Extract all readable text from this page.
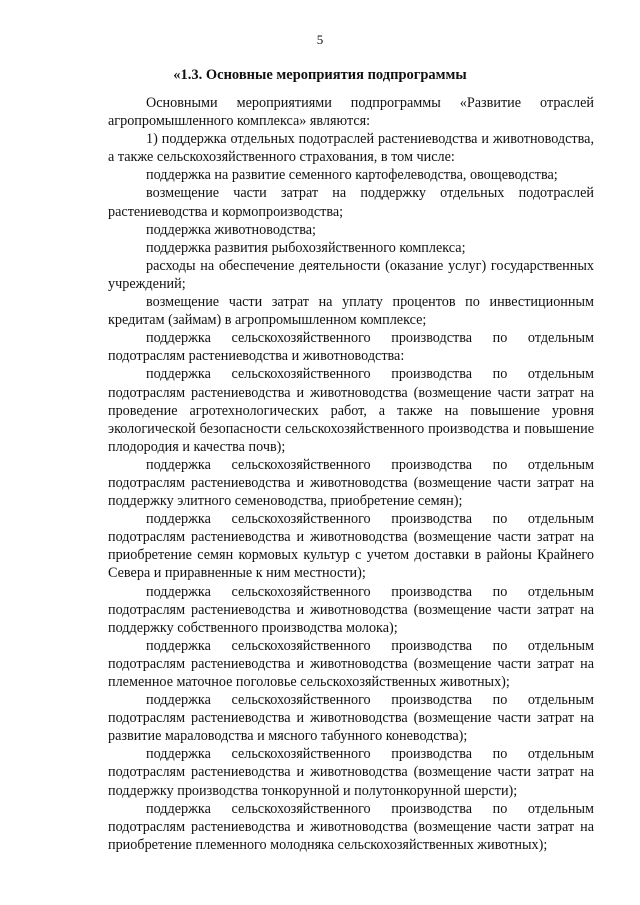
5
«1.3. Основные мероприятия подпрограммы

Основными мероприятиями подпрограммы «Развитие отраслей агропромышленного комплекса» являются:

1) поддержка отдельных подотраслей растениеводства и животноводства, а также сельскохозяйственного страхования, в том числе:

поддержка на развитие семенного картофелеводства, овощеводства;

возмещение части затрат на поддержку отдельных подотраслей растениеводства и кормопроизводства;

поддержка животноводства;

поддержка развития рыбохозяйственного комплекса;

расходы на обеспечение деятельности (оказание услуг) государственных учреждений;

возмещение части затрат на уплату процентов по инвестиционным кредитам (займам) в агропромышленном комплексе;

поддержка сельскохозяйственного производства по отдельным подотраслям растениеводства и животноводства:

поддержка сельскохозяйственного производства по отдельным подотраслям растениеводства и животноводства (возмещение части затрат на проведение агротехнологических работ, а также на повышение уровня экологической безопасности сельскохозяйственного производства и повышение плодородия и качества почв);

поддержка сельскохозяйственного производства по отдельным подотраслям растениеводства и животноводства (возмещение части затрат на поддержку элитного семеноводства, приобретение семян);

поддержка сельскохозяйственного производства по отдельным подотраслям растениеводства и животноводства (возмещение части затрат на приобретение семян кормовых культур с учетом доставки в районы Крайнего Севера и приравненные к ним местности);

поддержка сельскохозяйственного производства по отдельным подотраслям растениеводства и животноводства (возмещение части затрат на поддержку собственного производства молока);

поддержка сельскохозяйственного производства по отдельным подотраслям растениеводства и животноводства (возмещение части затрат на племенное маточное поголовье сельскохозяйственных животных);

поддержка сельскохозяйственного производства по отдельным подотраслям растениеводства и животноводства (возмещение части затрат на развитие мараловодства и мясного табунного коневодства);

поддержка сельскохозяйственного производства по отдельным подотраслям растениеводства и животноводства (возмещение части затрат на поддержку производства тонкорунной и полутонкорунной шерсти);

поддержка сельскохозяйственного производства по отдельным подотраслям растениеводства и животноводства (возмещение части затрат на приобретение племенного молодняка сельскохозяйственных животных);
